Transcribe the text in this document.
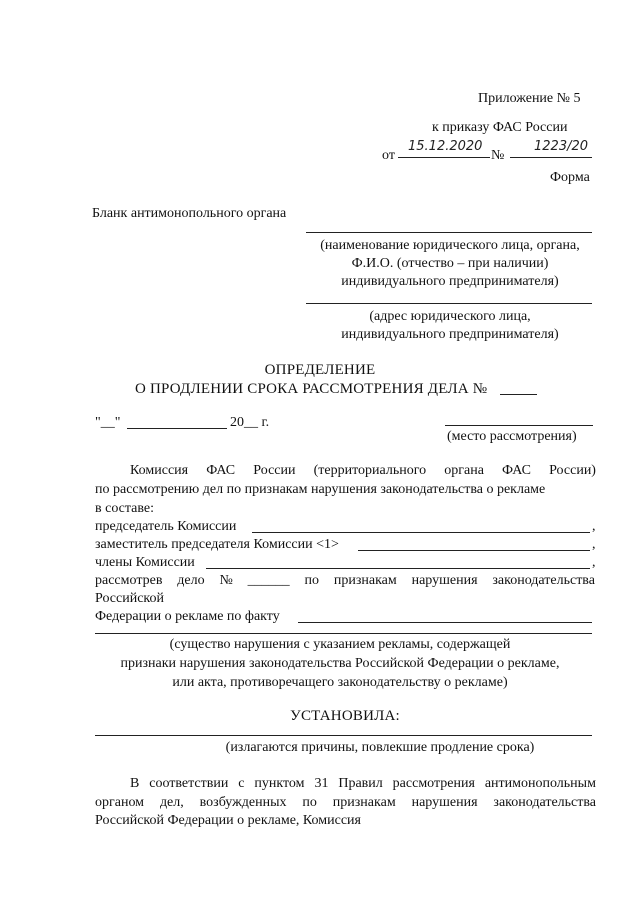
Приложение № 5
к приказу ФАС России
от
15.12.2020
№
1223/20
Форма
Бланк антимонопольного органа
(наименование юридического лица, органа,
Ф.И.О. (отчество – при наличии)
индивидуального предпринимателя)
(адрес юридического лица,
индивидуального предпринимателя)
ОПРЕДЕЛЕНИЕ
О ПРОДЛЕНИИ СРОКА РАССМОТРЕНИЯ ДЕЛА №
"__"	20__ г.
(место рассмотрения)
Комиссия ФАС России (территориального органа ФАС России)
по рассмотрению дел по признакам нарушения законодательства о рекламе
в составе:
председатель Комиссии	,
заместитель председателя Комиссии <1>	,
члены Комиссии	,
рассмотрев дело № ______ по признакам нарушения законодательства
Российской
Федерации о рекламе по факту
(существо нарушения с указанием рекламы, содержащей
признаки нарушения законодательства Российской Федерации о рекламе,
или акта, противоречащего законодательству о рекламе)
УСТАНОВИЛА:
(излагаются причины, повлекшие продление срока)
В соответствии с пунктом 31 Правил рассмотрения антимонопольным
органом дел, возбужденных по признакам нарушения законодательства
Российской Федерации о рекламе, Комиссия
